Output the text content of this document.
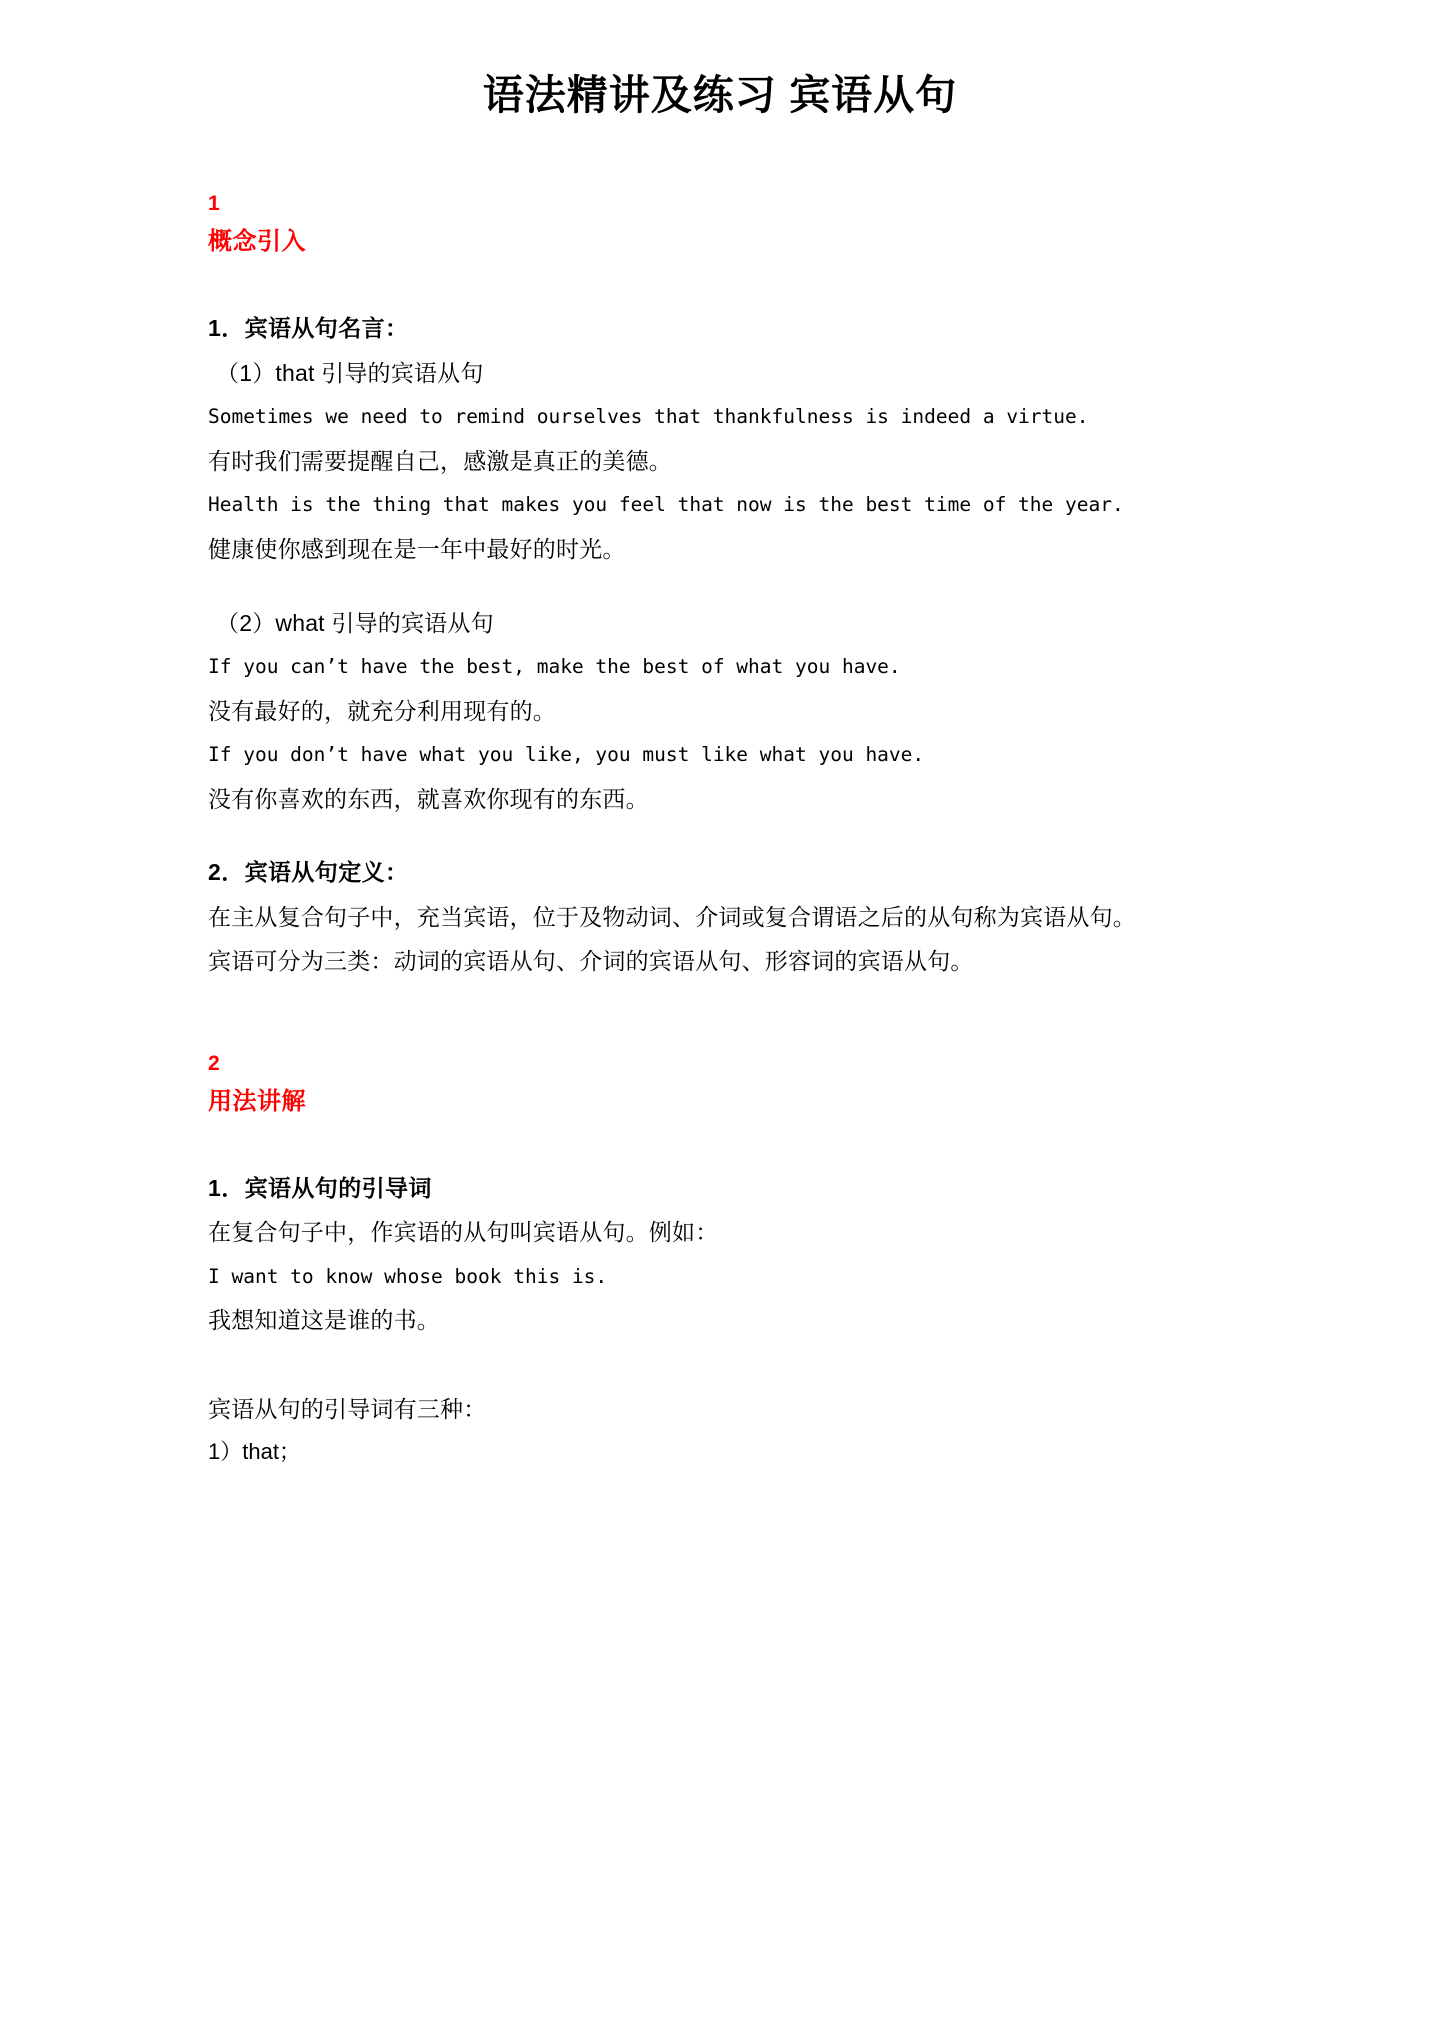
语法精讲及练习 宾语从句
1
概念引入
1．宾语从句名言：
（1）that 引导的宾语从句
Sometimes we need to remind ourselves that thankfulness is indeed a virtue.
有时我们需要提醒自己，感激是真正的美德。
Health is the thing that makes you feel that now is the best time of the year.
健康使你感到现在是一年中最好的时光。
（2）what 引导的宾语从句
If you can’t have the best, make the best of what you have.
没有最好的，就充分利用现有的。
If you don’t have what you like, you must like what you have.
没有你喜欢的东西，就喜欢你现有的东西。
2．宾语从句定义：
在主从复合句子中，充当宾语，位于及物动词、介词或复合谓语之后的从句称为宾语从句。
宾语可分为三类：动词的宾语从句、介词的宾语从句、形容词的宾语从句。
2
用法讲解
1．宾语从句的引导词
在复合句子中，作宾语的从句叫宾语从句。例如：
I want to know whose book this is.
我想知道这是谁的书。
宾语从句的引导词有三种：
1）that；
